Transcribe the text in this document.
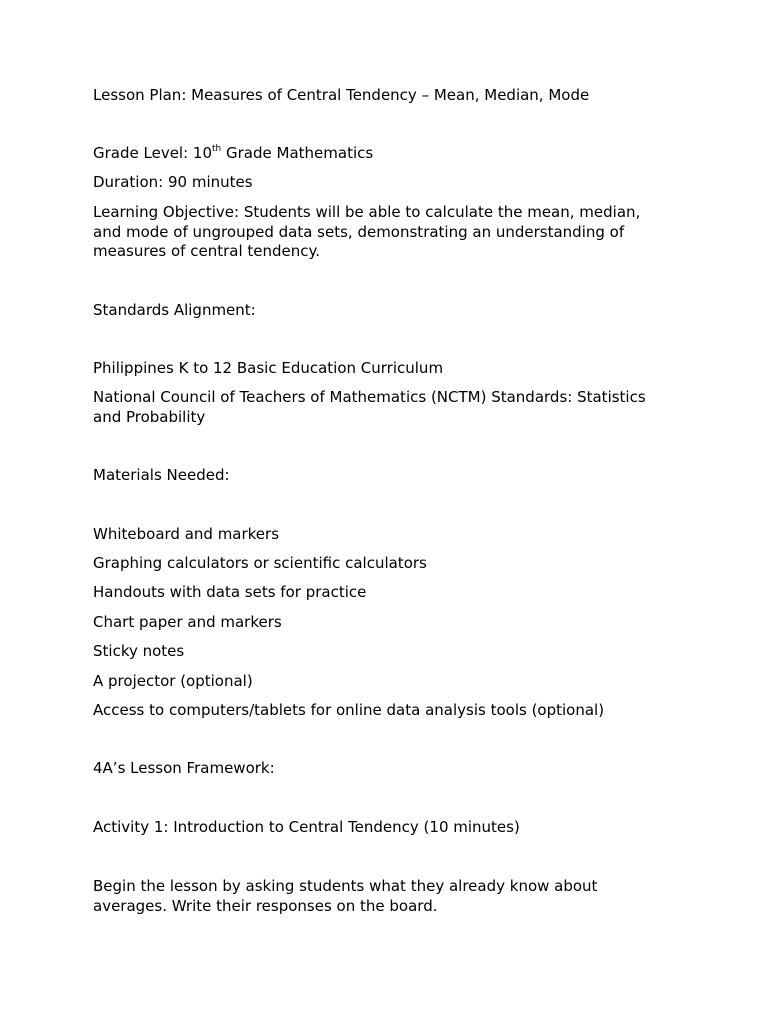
Lesson Plan: Measures of Central Tendency – Mean, Median, Mode

Grade Level: 10th Grade Mathematics

Duration: 90 minutes

Learning Objective: Students will be able to calculate the mean, median, and mode of ungrouped data sets, demonstrating an understanding of measures of central tendency.

Standards Alignment:

Philippines K to 12 Basic Education Curriculum

National Council of Teachers of Mathematics (NCTM) Standards: Statistics and Probability

Materials Needed:

Whiteboard and markers

Graphing calculators or scientific calculators

Handouts with data sets for practice

Chart paper and markers

Sticky notes

A projector (optional)

Access to computers/tablets for online data analysis tools (optional)

4A’s Lesson Framework:

Activity 1: Introduction to Central Tendency (10 minutes)

Begin the lesson by asking students what they already know about averages. Write their responses on the board.
